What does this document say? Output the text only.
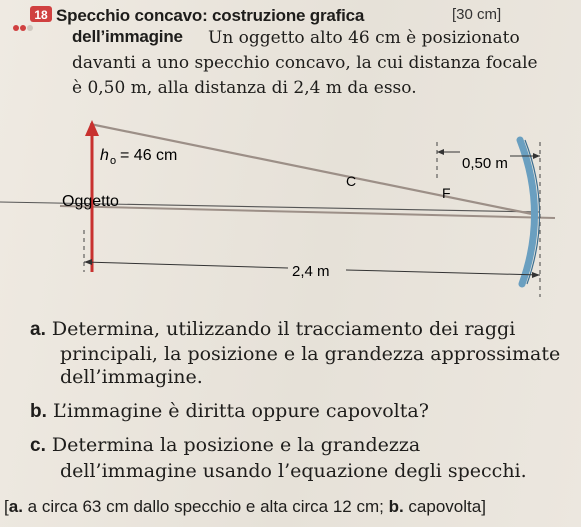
18	[30 cm]
Specchio concavo: costruzione grafica
dell’immagine Un oggetto alto 46 cm è posizionato
davanti a uno specchio concavo, la cui distanza focale
è 0,50 m, alla distanza di 2,4 m da esso.
h o = 46 cm
Oggetto
C
F
0,50 m
2,4 m
a. Determina, utilizzando il tracciamento dei raggi
principali, la posizione e la grandezza approssimate
dell’immagine.
b. L’immagine è diritta oppure capovolta?
c. Determina la posizione e la grandezza
dell’immagine usando l’equazione degli specchi.
[a. a circa 63 cm dallo specchio e alta circa 12 cm; b. capovolta]
